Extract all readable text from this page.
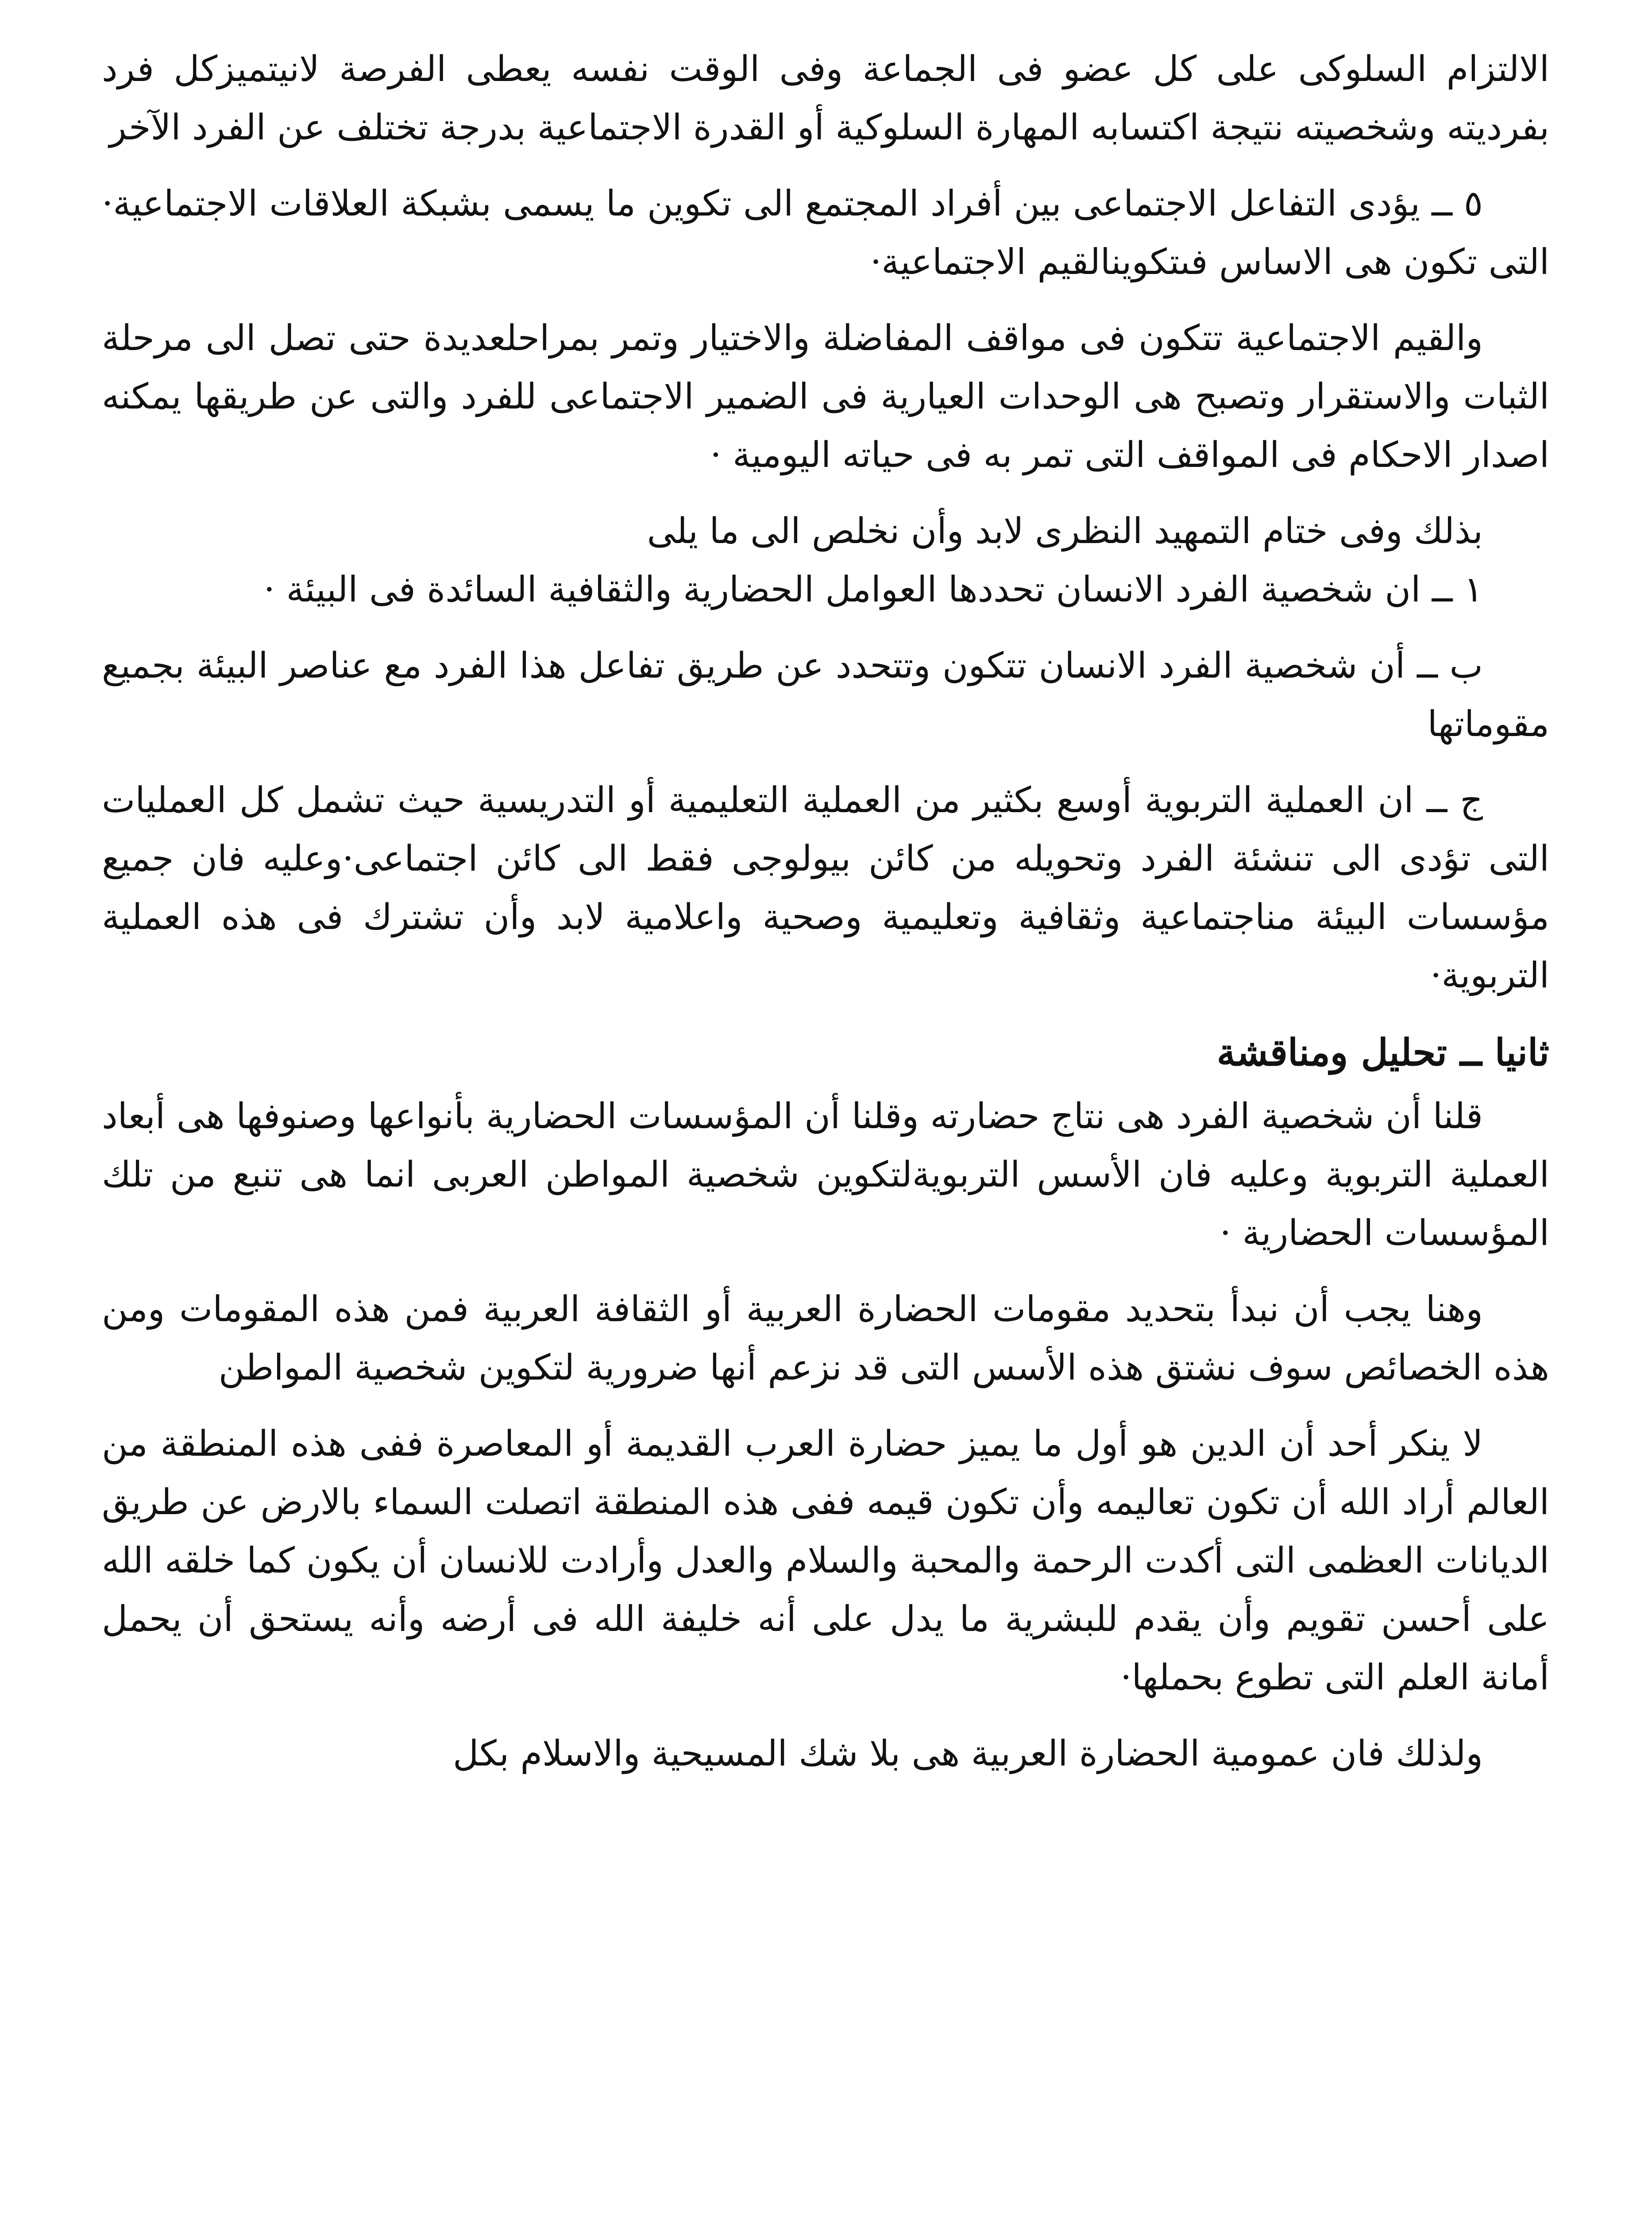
الالتزام السلوكى على كل عضو فى الجماعة وفى الوقت نفسه يعطى الفرصة لانيتميزكل فرد بفرديته وشخصيته نتيجة اكتسابه المهارة السلوكية أو القدرة الاجتماعية بدرجة تختلف عن الفرد الآخر

٥ ــ يؤدى التفاعل الاجتماعى بين أفراد المجتمع الى تكوين ما يسمى بشبكة العلاقات الاجتماعية· التى تكون هى الاساس فىتكوينالقيم الاجتماعية·

والقيم الاجتماعية تتكون فى مواقف المفاضلة والاختيار وتمر بمراحلعديدة حتى تصل الى مرحلة الثبات والاستقرار وتصبح هى الوحدات العيارية فى الضمير الاجتماعى للفرد والتى عن طريقها يمكنه اصدار الاحكام فى المواقف التى تمر به فى حياته اليومية ·

بذلك وفى ختام التمهيد النظرى لابد وأن نخلص الى ما يلى

١ ــ ان شخصية الفرد الانسان تحددها العوامل الحضارية والثقافية السائدة فى البيئة ·

ب ــ أن شخصية الفرد الانسان تتكون وتتحدد عن طريق تفاعل هذا الفرد مع عناصر البيئة بجميع مقوماتها

ج ــ ان العملية التربوية أوسع بكثير من العملية التعليمية أو التدريسية حيث تشمل كل العمليات التى تؤدى الى تنشئة الفرد وتحويله من كائن بيولوجى فقط الى كائن اجتماعى·وعليه فان جميع مؤسسات البيئة مناجتماعية وثقافية وتعليمية وصحية واعلامية لابد وأن تشترك فى هذه العملية التربوية·

ثانيا ــ تحليل ومناقشة

قلنا أن شخصية الفرد هى نتاج حضارته وقلنا أن المؤسسات الحضارية بأنواعها وصنوفها هى أبعاد العملية التربوية وعليه فان الأسس التربويةلتكوين شخصية المواطن العربى انما هى تنبع من تلك المؤسسات الحضارية ·

وهنا يجب أن نبدأ بتحديد مقومات الحضارة العربية أو الثقافة العربية فمن هذه المقومات ومن هذه الخصائص سوف نشتق هذه الأسس التى قد نزعم أنها ضرورية لتكوين شخصية المواطن

لا ينكر أحد أن الدين هو أول ما يميز حضارة العرب القديمة أو المعاصرة ففى هذه المنطقة من العالم أراد الله أن تكون تعاليمه وأن تكون قيمه ففى هذه المنطقة اتصلت السماء بالارض عن طريق الديانات العظمى التى أكدت الرحمة والمحبة والسلام والعدل وأرادت للانسان أن يكون كما خلقه الله على أحسن تقويم وأن يقدم للبشرية ما يدل على أنه خليفة الله فى أرضه وأنه يستحق أن يحمل أمانة العلم التى تطوع بحملها·

ولذلك فان عمومية الحضارة العربية هى بلا شك المسيحية والاسلام بكل
